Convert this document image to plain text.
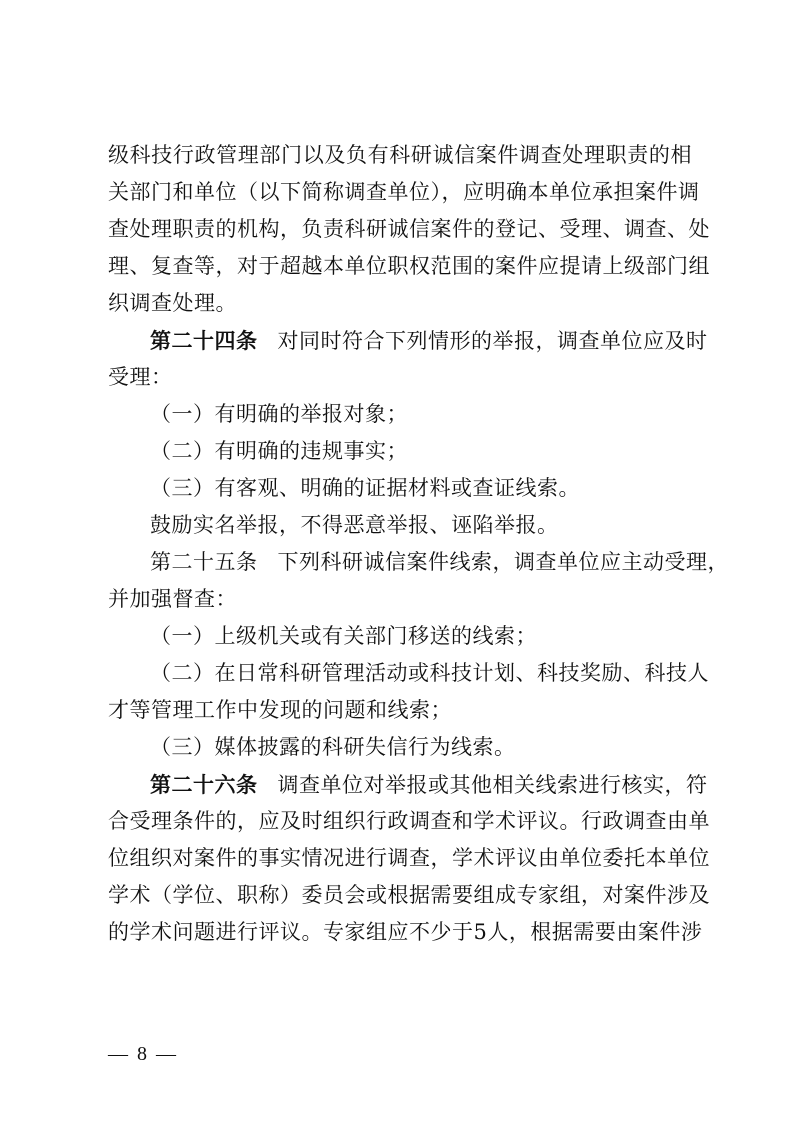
级科技行政管理部门以及负有科研诚信案件调查处理职责的相
关部门和单位（以下简称调查单位），应明确本单位承担案件调
查处理职责的机构，负责科研诚信案件的登记、受理、调查、处
理、复查等，对于超越本单位职权范围的案件应提请上级部门组
织调查处理。
第二十四条 对同时符合下列情形的举报，调查单位应及时
受理：
（一）有明确的举报对象；
（二）有明确的违规事实；
（三）有客观、明确的证据材料或查证线索。
鼓励实名举报，不得恶意举报、诬陷举报。
第二十五条 下列科研诚信案件线索，调查单位应主动受理，
并加强督查：
（一）上级机关或有关部门移送的线索；
（二）在日常科研管理活动或科技计划、科技奖励、科技人
才等管理工作中发现的问题和线索；
（三）媒体披露的科研失信行为线索。
第二十六条 调查单位对举报或其他相关线索进行核实，符
合受理条件的，应及时组织行政调查和学术评议。行政调查由单
位组织对案件的事实情况进行调查，学术评议由单位委托本单位
学术（学位、职称）委员会或根据需要组成专家组，对案件涉及
的学术问题进行评议。专家组应不少于5人，根据需要由案件涉
— 8 —
